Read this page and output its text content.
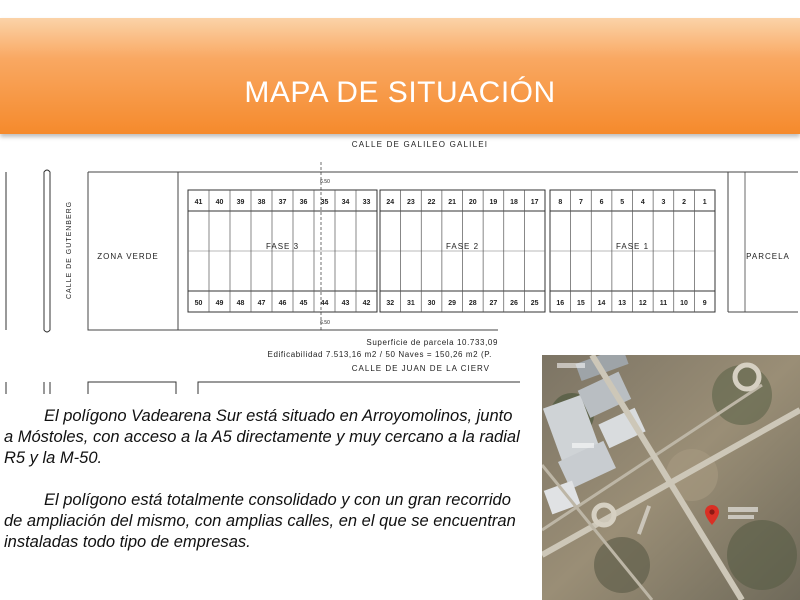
MAPA DE SITUACIÓN
CALLE DE GALILEO GALILEI
CALLE DE GUTENBERG	ZONA VERDE	PARCELA
41
50
40
49
39
48
38
47
37
46
36
45
35
44
34
43
33
42
FASE 3
24
32
23
31
22
30
21
29
20
28
19
27
18
26
17
25
FASE 2
8
16
7
15
6
14
5
13
4
12
3
11
2
10
1
9
FASE 1
6.50
6.50
Superficie de parcela 10.733,09
Edificabilidad 7.513,16 m2 / 50 Naves = 150,26 m2 (P.
CALLE DE JUAN DE LA CIERV

El polígono Vadearena Sur está situado en Arroyomolinos, junto a Móstoles, con acceso a la A5 directamente y muy cercano a la radial R5 y la M-50.

El polígono está totalmente consolidado y con un gran recorrido de ampliación del mismo, con amplias calles, en el que se encuentran instaladas todo tipo de empresas.
